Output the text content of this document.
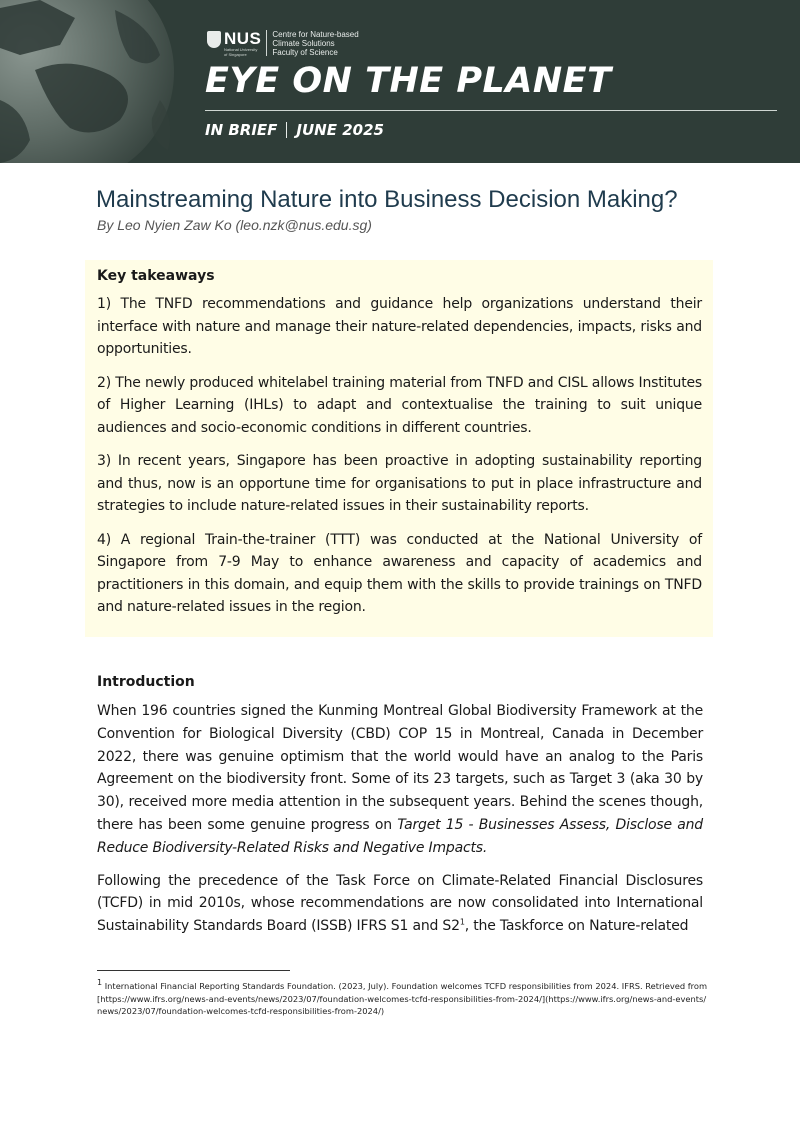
NUS
National University of Singapore
Centre for Nature-based
Climate Solutions
Faculty of Science
EYE ON THE PLANET
IN BRIEF JUNE 2025
Mainstreaming Nature into Business Decision Making?
By Leo Nyien Zaw Ko (leo.nzk@nus.edu.sg)
Key takeaways

1) The TNFD recommendations and guidance help organizations understand their interface with nature and manage their nature-related dependencies, impacts, risks and opportunities.

2) The newly produced whitelabel training material from TNFD and CISL allows Institutes of Higher Learning (IHLs) to adapt and contextualise the training to suit unique audiences and socio-economic conditions in different countries.

3) In recent years, Singapore has been proactive in adopting sustainability reporting and thus, now is an opportune time for organisations to put in place infrastructure and strategies to include nature-related issues in their sustainability reports.

4) A regional Train-the-trainer (TTT) was conducted at the National University of Singapore from 7-9 May to enhance awareness and capacity of academics and practitioners in this domain, and equip them with the skills to provide trainings on TNFD and nature-related issues in the region.

Introduction

When 196 countries signed the Kunming Montreal Global Biodiversity Framework at the Convention for Biological Diversity (CBD) COP 15 in Montreal, Canada in December 2022, there was genuine optimism that the world would have an analog to the Paris Agreement on the biodiversity front. Some of its 23 targets, such as Target 3 (aka 30 by 30), received more media attention in the subsequent years. Behind the scenes though, there has been some genuine progress on Target 15 - Businesses Assess, Disclose and Reduce Biodiversity-Related Risks and Negative Impacts.

Following the precedence of the Task Force on Climate-Related Financial Disclosures (TCFD) in mid 2010s, whose recommendations are now consolidated into International Sustainability Standards Board (ISSB) IFRS S1 and $S2^1$, the Taskforce on Nature-related

$^1$ International Financial Reporting Standards Foundation. (2023, July). Foundation welcomes TCFD responsibilities from 2024. IFRS. Retrieved from [https://www.ifrs.org/news-and-events/news/2023/07/foundation-welcomes-tcfd-responsibilities-from-2024/](https://www.ifrs.org/news-and-events/news/2023/07/foundation-welcomes-tcfd-responsibilities-from-2024/)
